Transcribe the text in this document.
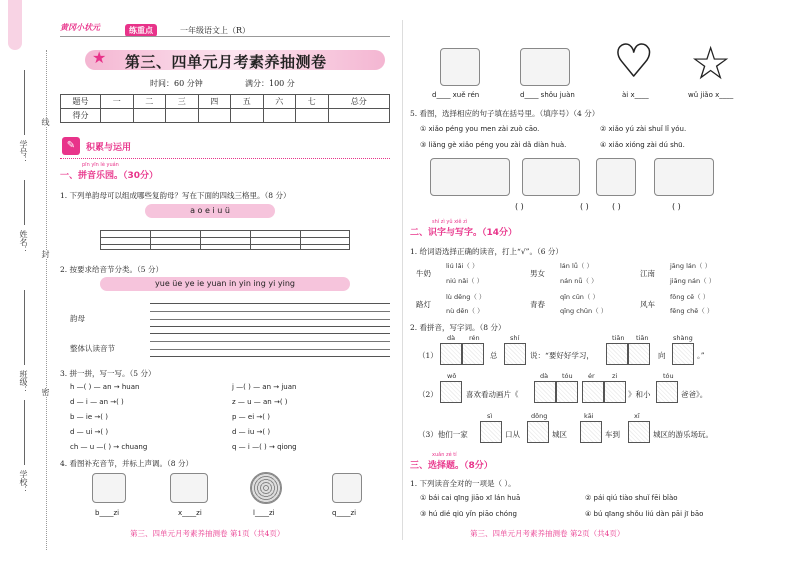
学校：
班级：
姓名：
学号：
线
封
密
黄冈小状元	练重点	一年级语文上（R）
★ 第三、四单元月考素养抽测卷
时间：60 分钟	满分：100 分
题号	一	二	三	四	五	六	七	总分
得分								
✎	积累与运用
pīn yīn lè yuán
一、拼音乐园。（30分）
1. 下列单韵母可以组成哪些复韵母？写在下面的四线三格里。（8 分）
a o e i u ü
2. 按要求给音节分类。（5 分）
yue üe ye ie yuan in yin ing yi ying
韵母
整体认读音节
3. 拼一拼，写一写。（5 分）
h —( ) — an → huan
d — i — an →( )
b — ie →( )
d — ui →( )
ch — u —( ) → chuang
j —( ) — an → juan
z — u — an →( )
p — ei →( )
d — iu →( )
q — i —( ) → qiong
4. 看图补充音节，并标上声调。（8 分）
b____zi	x____zi	l____zi	q____zi
第三、四单元月考素养抽测卷 第1页（共4页）
♥ ☆
d____ xuě rén	d____ shǒu juàn	ài x____	wǔ jiǎo x____
5. 看图，选择相应的句子填在括号里。（填序号）（4 分）
① xiǎo péng you men zài zuò cāo.	② xiǎo yú zài shuǐ lǐ yóu.
③ liǎng gè xiǎo péng you zài dǎ diàn huà.	④ xiǎo xióng zài dú shū.
( )	( )	( )	( )
shí zì yǔ xiě zì
二、识字与写字。（14分）
1. 给词语选择正确的读音，打上“√”。（6 分）
牛奶
liú lǎi（ ）
niú nǎi（ ）
男女
lán lǚ（ ）
nán nǚ（ ）
江南
jāng lán（ ）
jiāng nán（ ）
路灯
lù dēng（ ）
nù dēn（ ）
青春
qīn cūn（ ）
qīng chūn（ ）
风车
fōng cē（ ）
fēng chē（ ）
2. 看拼音，写字词。（8 分）
dà rén	shí	tiān tiān	shàng
（1）	总	说：“要好好学习，	向	。”
wǒ	dà tóu ér	zi	tóu
（2）	喜欢看动画片《	》和小	爸爸》。
sì	dōng	kāi	xī
（3）他们一家	口从	城区	车到	城区的游乐场玩。
xuǎn zé tí
三、选择题。（8分）
1. 下列读音全对的一项是（ ）。
① bái cai qīng jiāo xī lán huā	② pái qiú tiào shuǐ fēi bǐào
③ hú dié qiū yǐn piāo chóng	④ bú qīang shǒu liú dàn pāi jī bāo
第三、四单元月考素养抽测卷 第2页（共4页）
